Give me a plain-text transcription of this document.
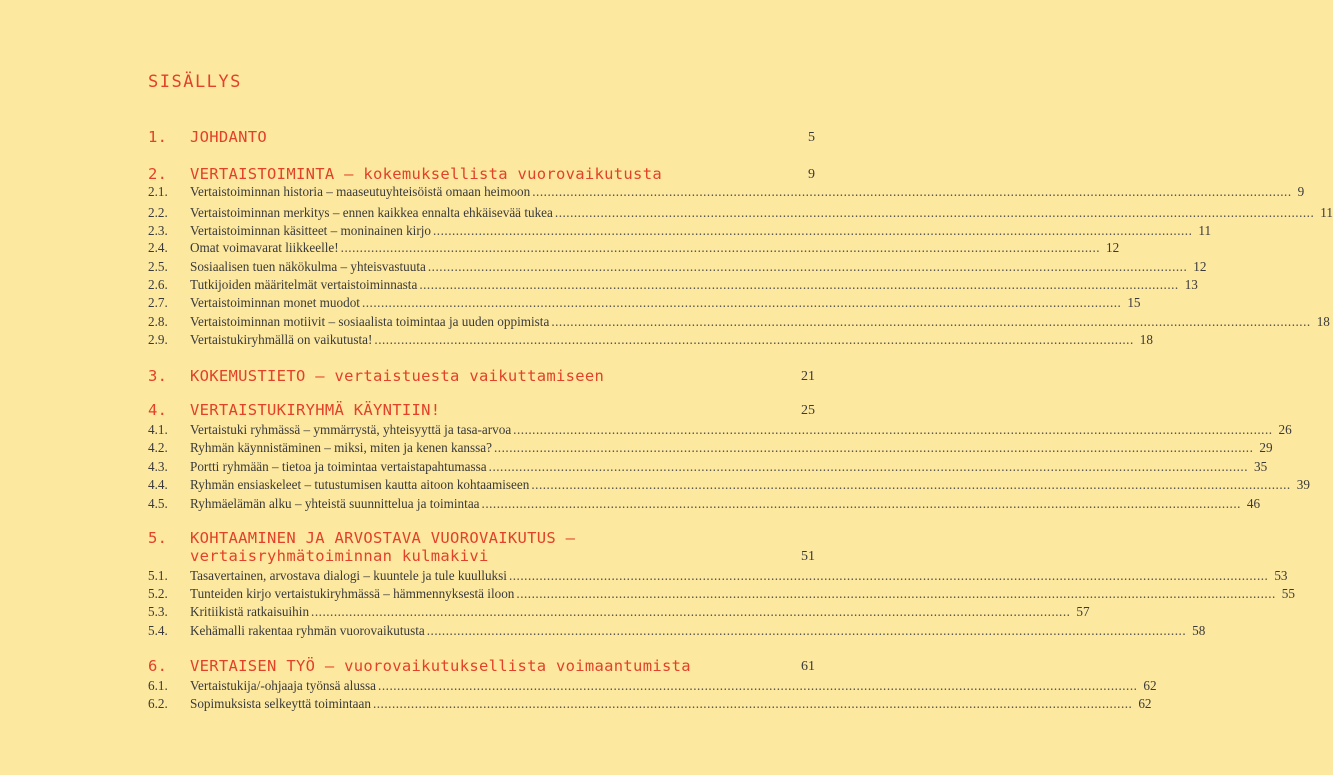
SISÄLLYS
1.	JOHDANTO	5
2.	VERTAISTOIMINTA – kokemuksellista vuorovaikutusta	9
2.1.	Vertaistoiminnan historia – maaseutuyhteisöistä omaan heimoon ........................................................................................................................................................................................................ 9
2.2.	Vertaistoiminnan merkitys – ennen kaikkea ennalta ehkäisevää tukea ........................................................................................................................................................................................................ 11
2.3.	Vertaistoiminnan käsitteet – moninainen kirjo ........................................................................................................................................................................................................ 11
2.4.	Omat voimavarat liikkeelle! ........................................................................................................................................................................................................ 12
2.5.	Sosiaalisen tuen näkökulma – yhteisvastuuta ........................................................................................................................................................................................................ 12
2.6.	Tutkijoiden määritelmät vertaistoiminnasta ........................................................................................................................................................................................................ 13
2.7.	Vertaistoiminnan monet muodot ........................................................................................................................................................................................................ 15
2.8.	Vertaistoiminnan motiivit – sosiaalista toimintaa ja uuden oppimista ........................................................................................................................................................................................................ 18
2.9.	Vertaistukiryhmällä on vaikutusta! ........................................................................................................................................................................................................ 18
3.	KOKEMUSTIETO – vertaistuesta vaikuttamiseen	21
4.	VERTAISTUKIRYHMÄ KÄYNTIIN!	25
4.1.	Vertaistuki ryhmässä – ymmärrystä, yhteisyyttä ja tasa-arvoa ........................................................................................................................................................................................................ 26
4.2.	Ryhmän käynnistäminen – miksi, miten ja kenen kanssa? ........................................................................................................................................................................................................ 29
4.3.	Portti ryhmään – tietoa ja toimintaa vertaistapahtumassa ........................................................................................................................................................................................................ 35
4.4.	Ryhmän ensiaskeleet – tutustumisen kautta aitoon kohtaamiseen ........................................................................................................................................................................................................ 39
4.5.	Ryhmäelämän alku – yhteistä suunnittelua ja toimintaa ........................................................................................................................................................................................................ 46
5.	KOHTAAMINEN JA ARVOSTAVA VUOROVAIKUTUS –
vertaisryhmätoiminnan kulmakivi	51
5.1.	Tasavertainen, arvostava dialogi – kuuntele ja tule kuulluksi ........................................................................................................................................................................................................ 53
5.2.	Tunteiden kirjo vertaistukiryhmässä – hämmennyksestä iloon ........................................................................................................................................................................................................ 55
5.3.	Kritiikistä ratkaisuihin ........................................................................................................................................................................................................ 57
5.4.	Kehämalli rakentaa ryhmän vuorovaikutusta ........................................................................................................................................................................................................ 58
6.	VERTAISEN TYÖ – vuorovaikutuksellista voimaantumista	61
6.1.	Vertaistukija/-ohjaaja työnsä alussa ........................................................................................................................................................................................................ 62
6.2.	Sopimuksista selkeyttä toimintaan ........................................................................................................................................................................................................ 62
